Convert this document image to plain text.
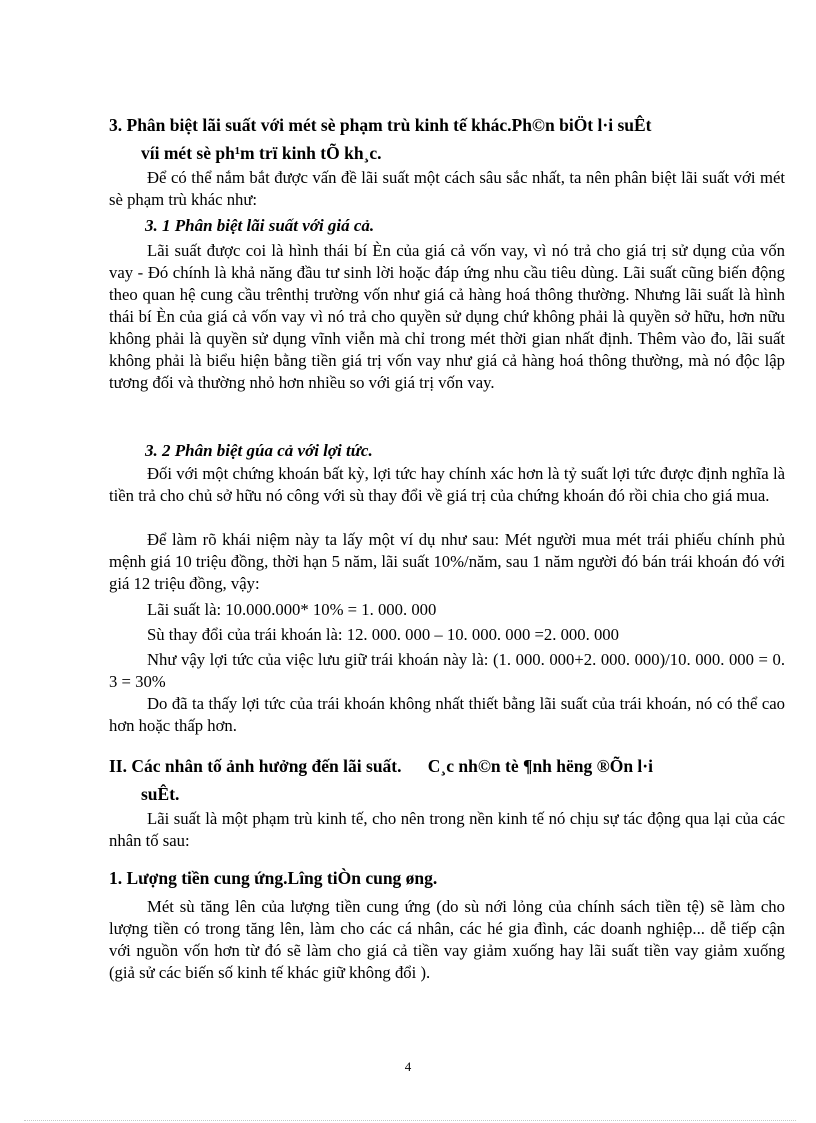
3. Phân biệt lãi suất với mét sè phạm trù kinh tế khác.Ph©n biÖt l·i suÊt
víi mét sè ph¹m trï kinh tÕ kh¸c.

Để có thể nắm bắt được vấn đề lãi suất một cách sâu sắc nhất, ta nên phân biệt lãi suất với mét sè phạm trù khác như:

3. 1 Phân biệt lãi suất với giá cả.

Lãi suất được coi là hình thái bí Èn của giá cả vốn vay, vì nó trả cho giá trị sử dụng của vốn vay - Đó chính là khả năng đầu tư sinh lời hoặc đáp ứng nhu cầu tiêu dùng. Lãi suất cũng biến động theo quan hệ cung cầu trênthị trường vốn như giá cả hàng hoá thông thường. Nhưng lãi suất là hình thái bí Èn của giá cả vốn vay vì nó trả cho quyền sử dụng chứ không phải là quyền sở hữu, hơn nữu không phải là quyền sử dụng vĩnh viễn mà chỉ trong mét thời gian nhất định. Thêm vào đo, lãi suất không phải là biểu hiện bằng tiền giá trị vốn vay như giá cả hàng hoá thông thường, mà nó độc lập tương đối và thường nhỏ hơn nhiều so với giá trị vốn vay.

3. 2 Phân biệt gúa cả với lợi tức.

Đối với một chứng khoán bất kỳ, lợi tức hay chính xác hơn là tỷ suất lợi tức được định nghĩa là tiền trả cho chủ sở hữu nó công với sù thay đổi về giá trị của chứng khoán đó rồi chia cho giá mua.

Để làm rõ khái niệm này ta lấy một ví dụ như sau: Mét người mua mét trái phiếu chính phủ mệnh giá 10 triệu đồng, thời hạn 5 năm, lãi suất 10%/năm, sau 1 năm người đó bán trái khoán đó với giá 12 triệu đồng, vậy:

Lãi suất là: 10.000.000* 10% = 1. 000. 000

Sù thay đổi của trái khoán là: 12. 000. 000 – 10. 000. 000 =2. 000. 000

Như vậy lợi tức của việc lưu giữ trái khoán này là: (1. 000. 000+2. 000. 000)/10. 000. 000 = 0. 3 = 30%

Do đã ta thấy lợi tức của trái khoán không nhất thiết bằng lãi suất của trái khoán, nó có thể cao hơn hoặc thấp hơn.

II. Các nhân tố ảnh hưởng đến lãi suất. C¸c nh©n tè ¶nh hëng ®Õn l·i
suÊt.

Lãi suất là một phạm trù kinh tế, cho nên trong nền kinh tế nó chịu sự tác động qua lại của các nhân tố sau:

1. Lượng tiền cung ứng.Lîng tiÒn cung øng.

Mét sù tăng lên của lượng tiền cung ứng (do sù nới lỏng của chính sách tiền tệ) sẽ làm cho lượng tiền có trong tăng lên, làm cho các cá nhân, các hé gia đình, các doanh nghiệp... dễ tiếp cận với nguồn vốn hơn từ đó sẽ làm cho giá cả tiền vay giảm xuống hay lãi suất tiền vay giảm xuống (giả sử các biến số kinh tế khác giữ không đổi ).

4
